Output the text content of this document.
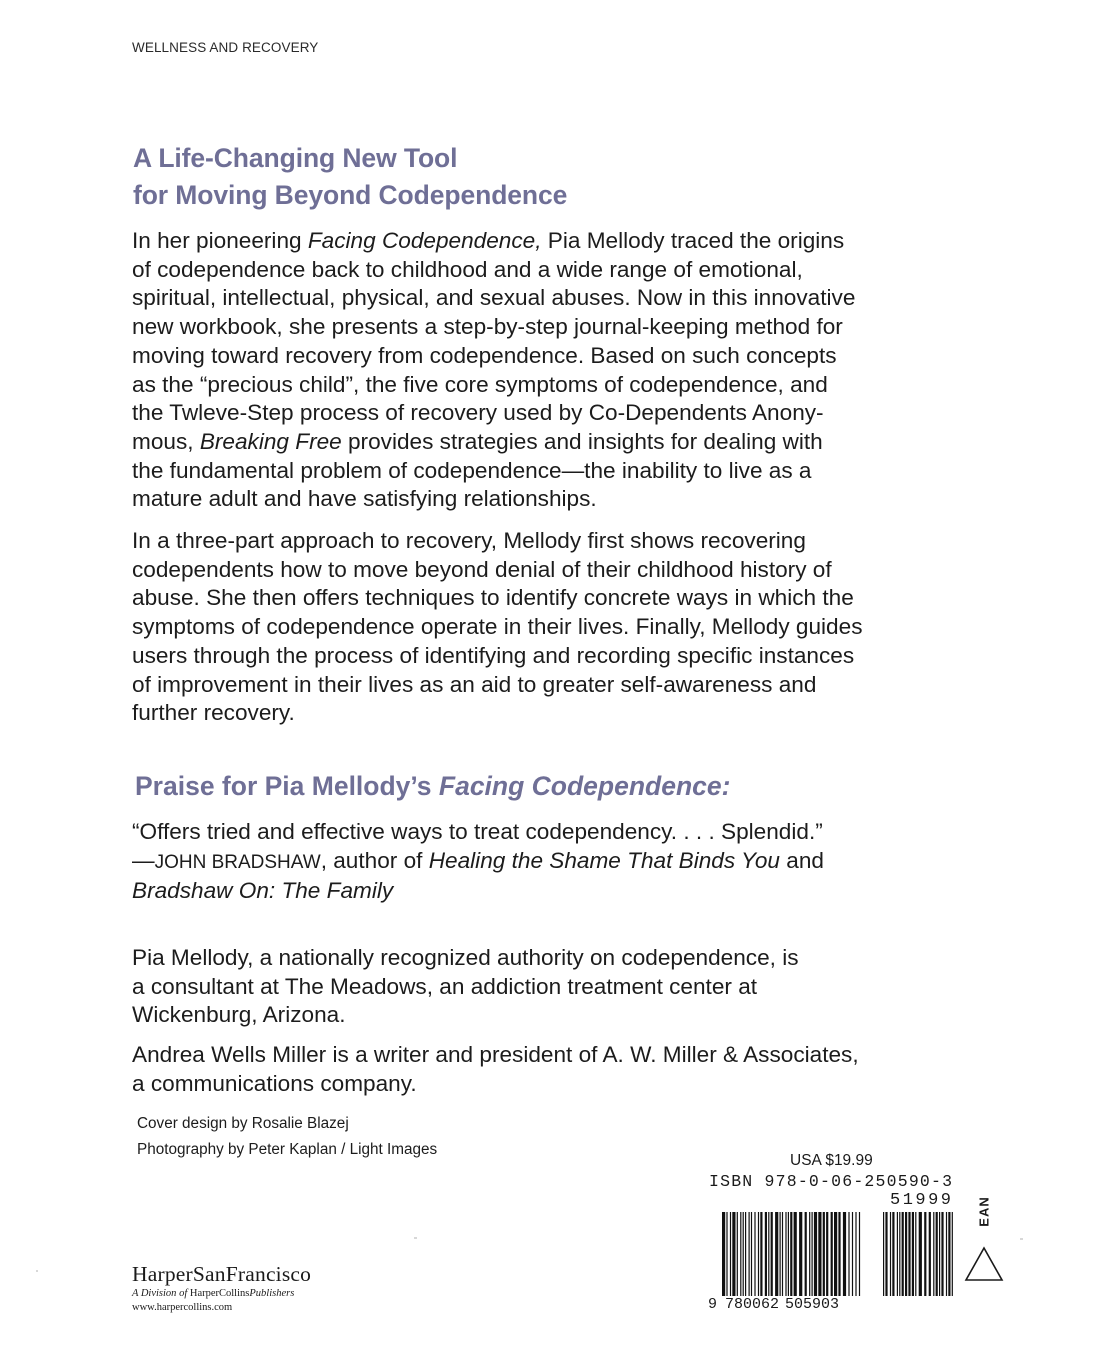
WELLNESS AND RECOVERY

A Life-Changing New Tool
for Moving Beyond Codependence

In her pioneering Facing Codependence, Pia Mellody traced the origins
of codependence back to childhood and a wide range of emotional,
spiritual, intellectual, physical, and sexual abuses. Now in this innovative
new workbook, she presents a step-by-step journal-keeping method for
moving toward recovery from codependence. Based on such concepts
as the “precious child”, the five core symptoms of codependence, and
the Twleve-Step process of recovery used by Co-Dependents Anony-
mous, Breaking Free provides strategies and insights for dealing with
the fundamental problem of codependence—the inability to live as a
mature adult and have satisfying relationships.

In a three-part approach to recovery, Mellody first shows recovering
codependents how to move beyond denial of their childhood history of
abuse. She then offers techniques to identify concrete ways in which the
symptoms of codependence operate in their lives. Finally, Mellody guides
users through the process of identifying and recording specific instances
of improvement in their lives as an aid to greater self-awareness and
further recovery.

Praise for Pia Mellody’s Facing Codependence:

“Offers tried and effective ways to treat codependency. . . . Splendid.”
—JOHN BRADSHAW, author of Healing the Shame That Binds You and
Bradshaw On: The Family

Pia Mellody, a nationally recognized authority on codependence, is
a consultant at The Meadows, an addiction treatment center at
Wickenburg, Arizona.

Andrea Wells Miller is a writer and president of A. W. Miller & Associates,
a communications company.

Cover design by Rosalie Blazej

Photography by Peter Kaplan / Light Images

HarperSanFrancisco

A Division of HarperCollinsPublishers

www.harpercollins.com

USA $19.99

ISBN 978-0-06-250590-3

51999 EAN

9 780062 505903
